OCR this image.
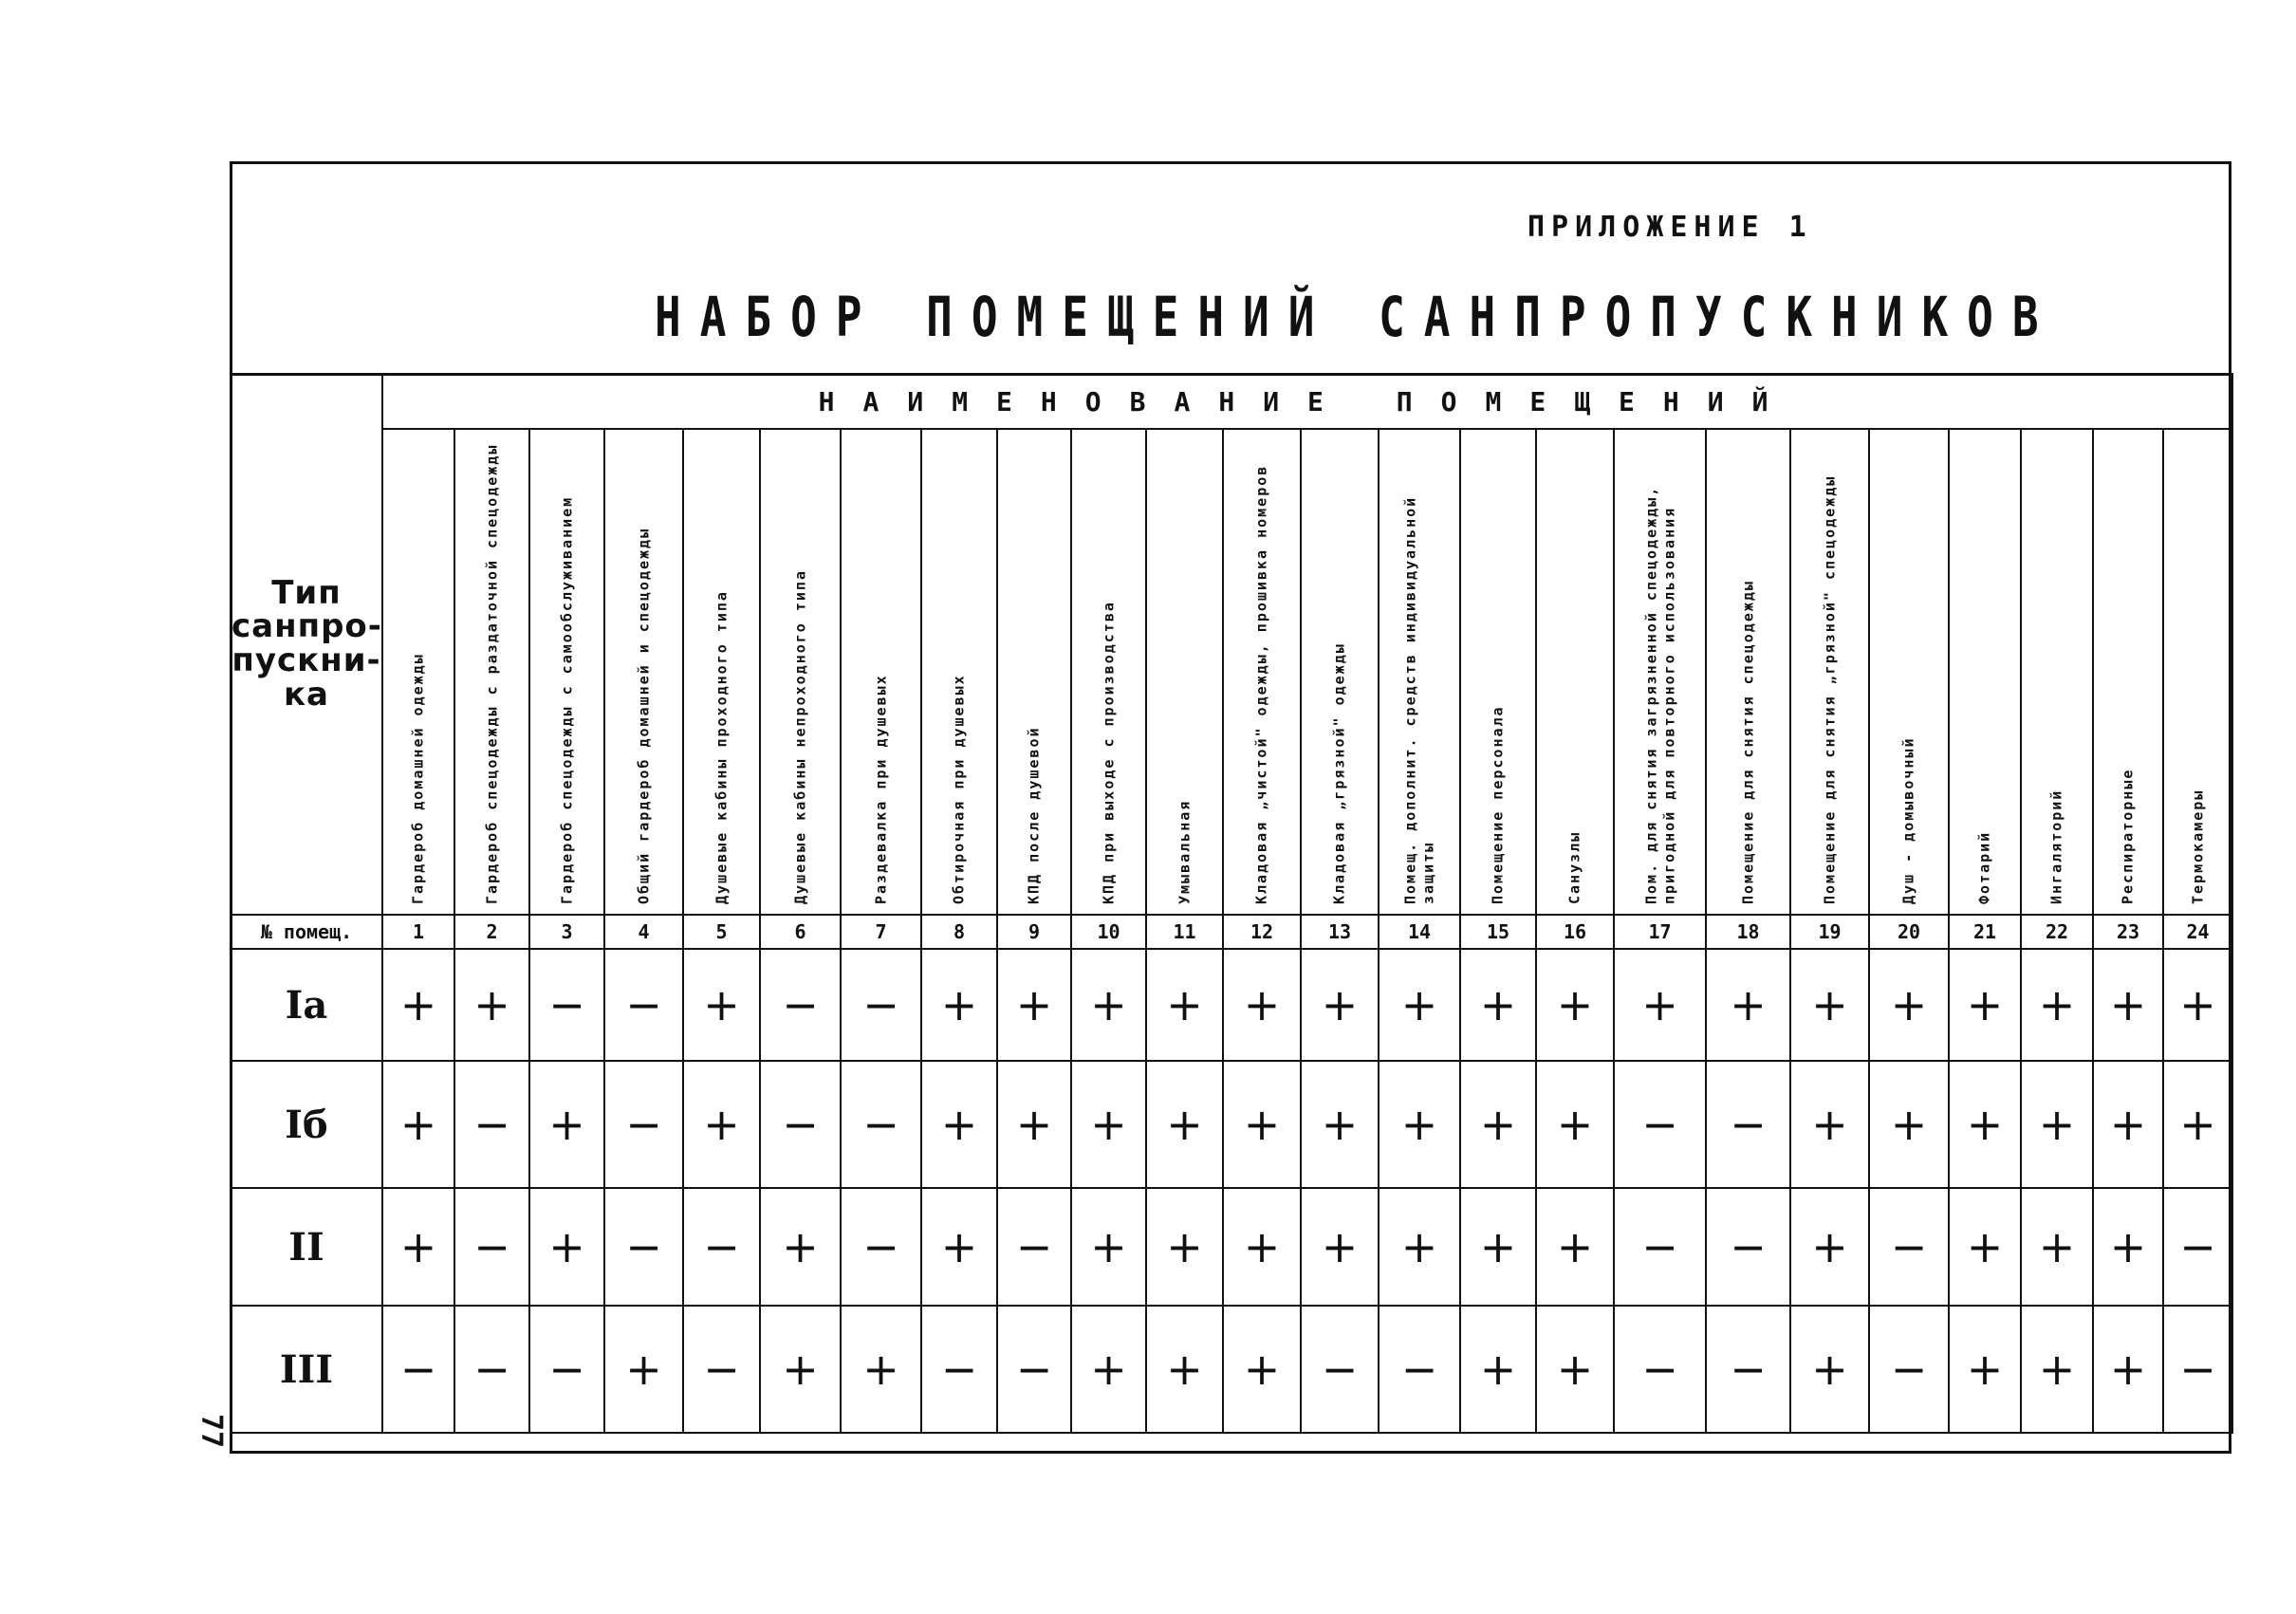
ПРИЛОЖЕНИЕ 1
НАБОР ПОМЕЩЕНИЙ САНПРОПУСКНИКОВ
Тип санпро-пускни-ка	НАИМЕНОВАНИЕ ПОМЕЩЕНИЙ																							

	Гардероб домашней одежды	Гардероб спецодежды с раздаточной спецодежды	Гардероб спецодежды с самообслуживанием	Общий гардероб домашней и спецодежды	Душевые кабины проходного типа	Душевые кабины непроходного типа	Раздевалка при душевых	Обтирочная при душевых	КПД после душевой	КПД при выходе с производства	Умывальная	Кладовая „чистой" одежды, прошивка номеров	Кладовая „грязной" одежды	Помещ. дополнит. средств индивидуальной защиты	Помещение персонала	Санузлы	Пом. для снятия загрязненной спецодежды, пригодной для повторного использования	Помещение для снятия спецодежды	Помещение для снятия „грязной" спецодежды	Душ - домывочный	Фотарий	Ингаляторий	Респираторные	Термокамеры

№ помещ.	1	2	3	4	5	6	7	8	9	10	11	12	13	14	15	16	17	18	19	20	21	22	23	24
Iа	+	+	−	−	+	−	−	+	+	+	+	+	+	+	+	+	+	+	+	+	+	+	+	+
Iб	+	−	+	−	+	−	−	+	+	+	+	+	+	+	+	+	−	−	+	+	+	+	+	+
II	+	−	+	−	−	+	−	+	−	+	+	+	+	+	+	+	−	−	+	−	+	+	+	−
III	−	−	−	+	−	+	+	−	−	+	+	+	−	−	+	+	−	−	+	−	+	+	+	−
77
